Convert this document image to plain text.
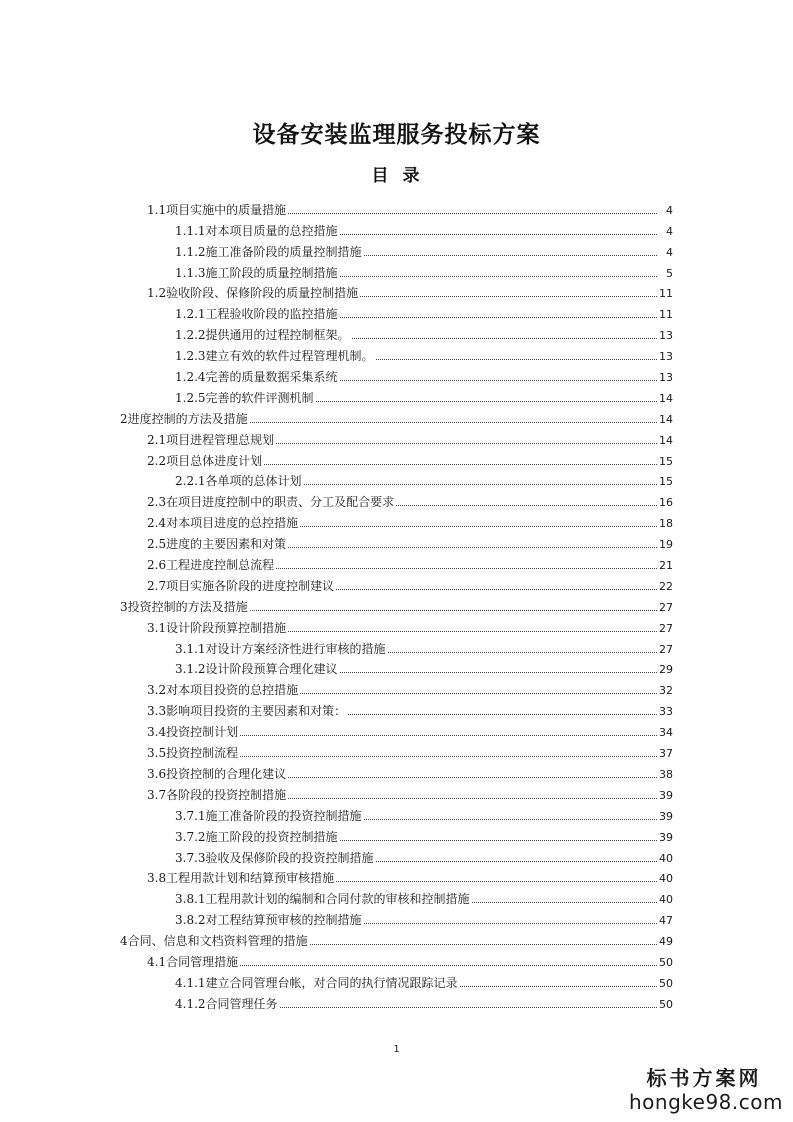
设备安装监理服务投标方案
目 录
1.1项目实施中的质量措施	4
1.1.1对本项目质量的总控措施	4
1.1.2施工准备阶段的质量控制措施	4
1.1.3施工阶段的质量控制措施	5
1.2验收阶段、保修阶段的质量控制措施	11
1.2.1工程验收阶段的监控措施	11
1.2.2提供通用的过程控制框架。	13
1.2.3建立有效的软件过程管理机制。	13
1.2.4完善的质量数据采集系统	13
1.2.5完善的软件评测机制	14
2进度控制的方法及措施	14
2.1项目进程管理总规划	14
2.2项目总体进度计划	15
2.2.1各单项的总体计划	15
2.3在项目进度控制中的职责、分工及配合要求	16
2.4对本项目进度的总控措施	18
2.5进度的主要因素和对策	19
2.6工程进度控制总流程	21
2.7项目实施各阶段的进度控制建议	22
3投资控制的方法及措施	27
3.1设计阶段预算控制措施	27
3.1.1对设计方案经济性进行审核的措施	27
3.1.2设计阶段预算合理化建议	29
3.2对本项目投资的总控措施	32
3.3影响项目投资的主要因素和对策：	33
3.4投资控制计划	34
3.5投资控制流程	37
3.6投资控制的合理化建议	38
3.7各阶段的投资控制措施	39
3.7.1施工准备阶段的投资控制措施	39
3.7.2施工阶段的投资控制措施	39
3.7.3验收及保修阶段的投资控制措施	40
3.8工程用款计划和结算预审核措施	40
3.8.1工程用款计划的编制和合同付款的审核和控制措施	40
3.8.2对工程结算预审核的控制措施	47
4合同、信息和文档资料管理的措施	49
4.1合同管理措施	50
4.1.1建立合同管理台帐，对合同的执行情况跟踪记录	50
4.1.2合同管理任务	50
1
标书方案网
hongke98.com
